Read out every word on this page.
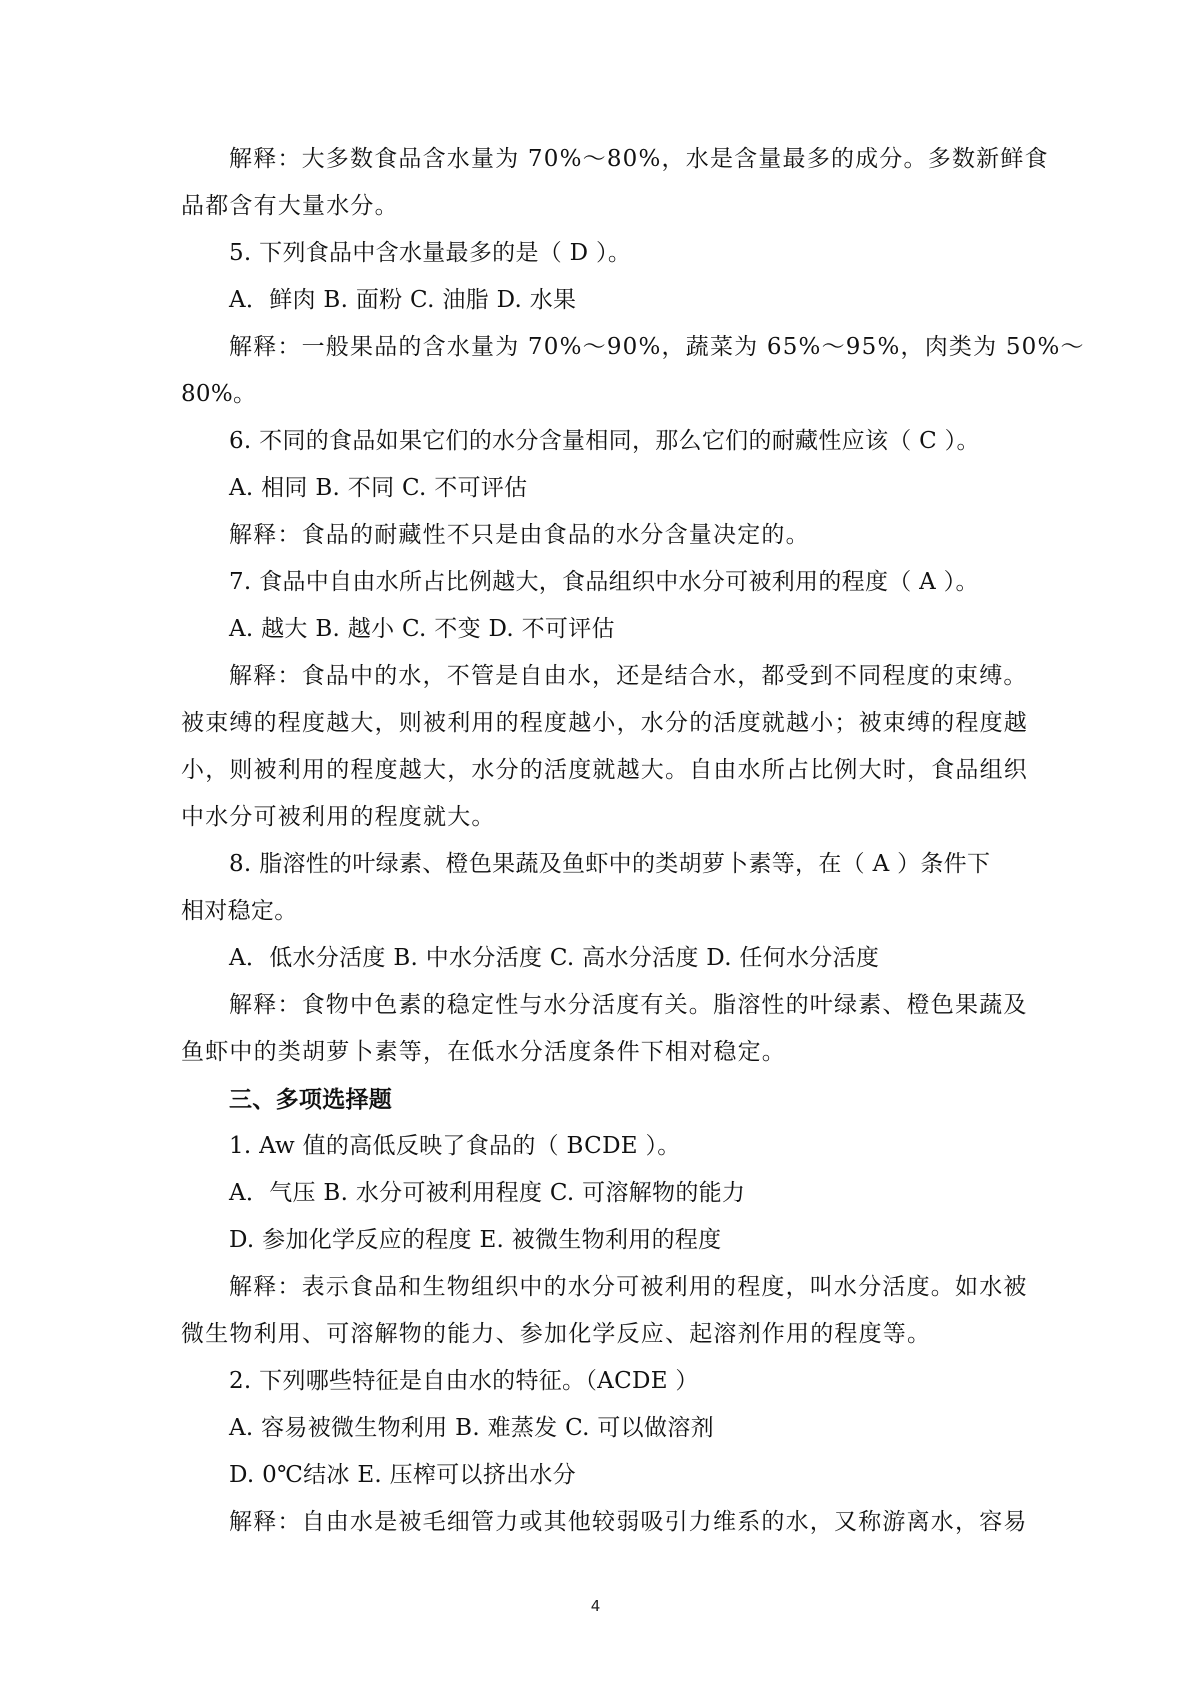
解释：大多数食品含水量为 70%～80%，水是含量最多的成分。多数新鲜食
品都含有大量水分。
5. 下列食品中含水量最多的是（ D ）。
A．鲜肉 B. 面粉 C. 油脂 D. 水果
解释：一般果品的含水量为 70%～90%，蔬菜为 65%～95%，肉类为 50%～
80%。
6. 不同的食品如果它们的水分含量相同，那么它们的耐藏性应该（ C ）。
A. 相同 B. 不同 C. 不可评估
解释：食品的耐藏性不只是由食品的水分含量决定的。
7. 食品中自由水所占比例越大，食品组织中水分可被利用的程度（ A ）。
A. 越大 B. 越小 C. 不变 D. 不可评估
解释：食品中的水，不管是自由水，还是结合水，都受到不同程度的束缚。
被束缚的程度越大，则被利用的程度越小，水分的活度就越小；被束缚的程度越
小，则被利用的程度越大，水分的活度就越大。自由水所占比例大时，食品组织
中水分可被利用的程度就大。
8. 脂溶性的叶绿素、橙色果蔬及鱼虾中的类胡萝卜素等，在（ A ）条件下
相对稳定。
A．低水分活度 B. 中水分活度 C. 高水分活度 D. 任何水分活度
解释：食物中色素的稳定性与水分活度有关。脂溶性的叶绿素、橙色果蔬及
鱼虾中的类胡萝卜素等，在低水分活度条件下相对稳定。
三、多项选择题
1. Aw 值的高低反映了食品的（ BCDE ）。
A．气压 B. 水分可被利用程度 C. 可溶解物的能力
D. 参加化学反应的程度 E. 被微生物利用的程度
解释：表示食品和生物组织中的水分可被利用的程度，叫水分活度。如水被
微生物利用、可溶解物的能力、参加化学反应、起溶剂作用的程度等。
2. 下列哪些特征是自由水的特征。（ACDE ）
A. 容易被微生物利用 B. 难蒸发 C. 可以做溶剂
D. 0℃结冰 E. 压榨可以挤出水分
解释：自由水是被毛细管力或其他较弱吸引力维系的水，又称游离水，容易
4
